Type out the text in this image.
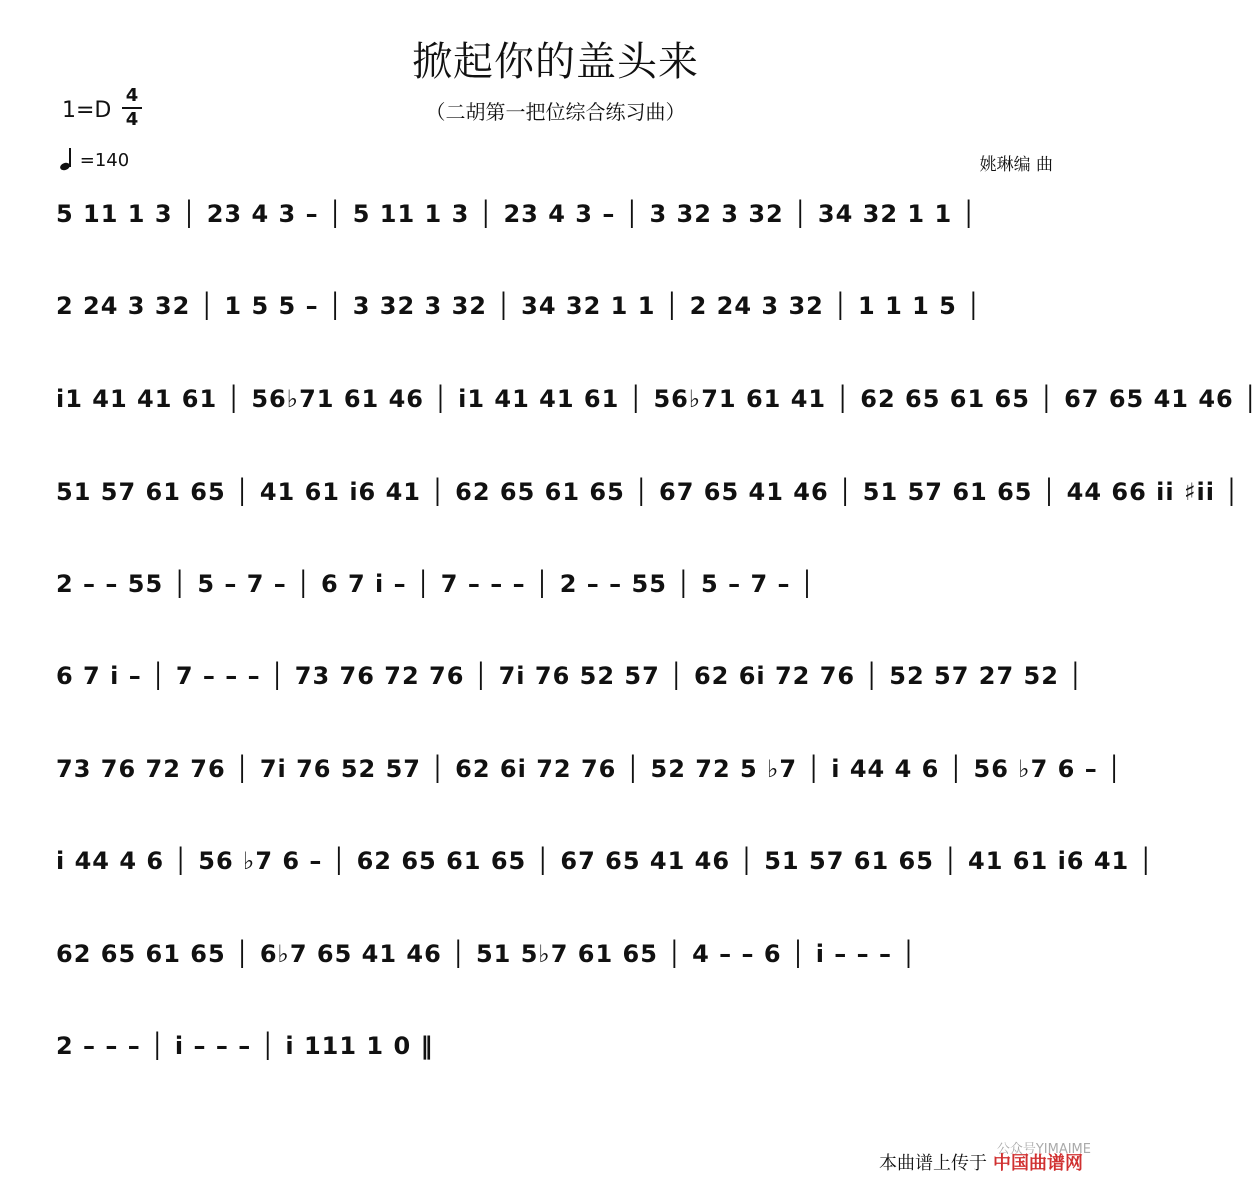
掀起你的盖头来
（二胡第一把位综合练习曲）
1=D
4
4
=140	姚琳编 曲
5 11 1 3 │ 23 4 3 – │ 5 11 1 3 │ 23 4 3 – │ 3 32 3 32 │ 34 32 1 1 │
2 24 3 32 │ 1 5 5 – │ 3 32 3 32 │ 34 32 1 1 │ 2 24 3 32 │ 1 1 1 5 │
i1 41 41 61 │ 56♭71 61 46 │ i1 41 41 61 │ 56♭71 61 41 │ 62 65 61 65 │ 67 65 41 46 │
51 57 61 65 │ 41 61 i6 41 │ 62 65 61 65 │ 67 65 41 46 │ 51 57 61 65 │ 44 66 ii ♯ii │
2 – – 55 │ 5 – 7 – │ 6 7 i – │ 7 – – – │ 2 – – 55 │ 5 – 7 – │
6 7 i – │ 7 – – – │ 73 76 72 76 │ 7i 76 52 57 │ 62 6i 72 76 │ 52 57 27 52 │
73 76 72 76 │ 7i 76 52 57 │ 62 6i 72 76 │ 52 72 5 ♭7 │ i 44 4 6 │ 56 ♭7 6 – │
i 44 4 6 │ 56 ♭7 6 – │ 62 65 61 65 │ 67 65 41 46 │ 51 57 61 65 │ 41 61 i6 41 │
62 65 61 65 │ 6♭7 65 41 46 │ 51 5♭7 61 65 │ 4 – – 6 │ i – – – │
2 – – – │ i – – – │ i 111 1 0 ‖
公众号YIMAIME
本曲谱上传于 中国曲谱网
